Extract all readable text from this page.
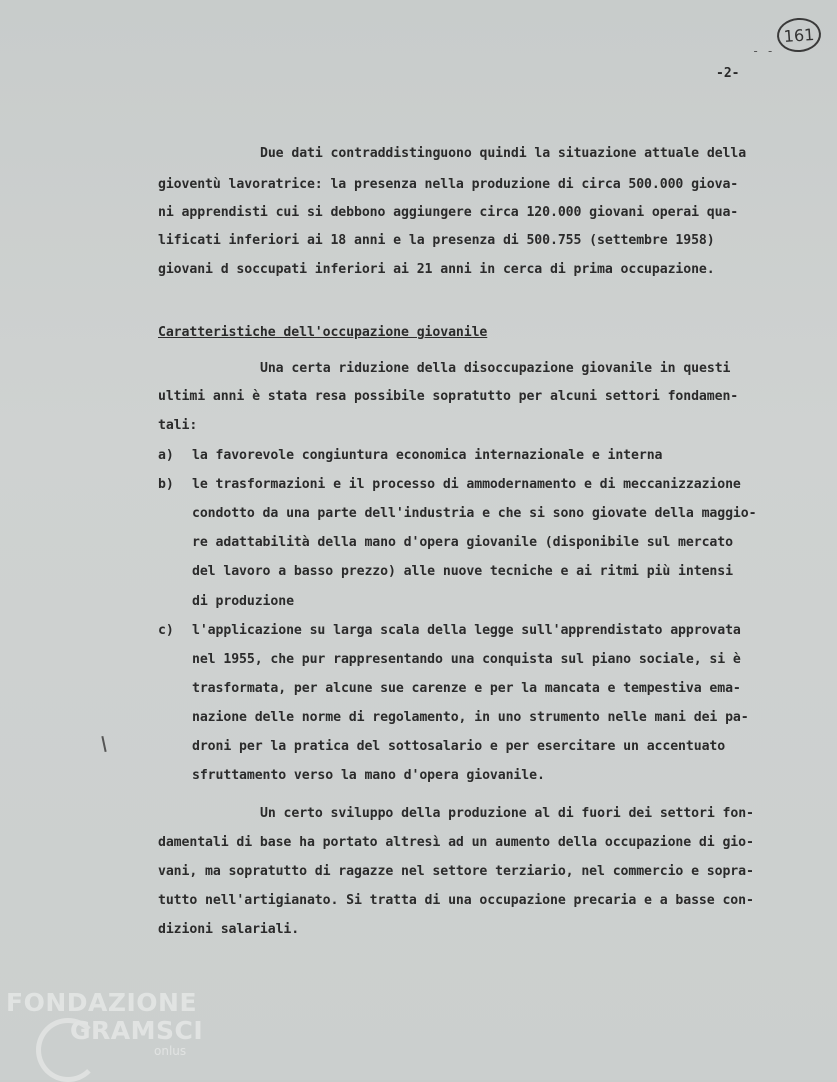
161
‐ ‐
-2-
Due dati contraddistinguono quindi la situazione attuale della
gioventù lavoratrice: la presenza nella produzione di circa 500.000 giova-
ni apprendisti cui si debbono aggiungere circa 120.000 giovani operai qua-
lificati inferiori ai 18 anni e la presenza di 500.755 (settembre 1958)
giovani d soccupati inferiori ai 21 anni in cerca di prima occupazione.
Caratteristiche dell'occupazione giovanile
Una certa riduzione della disoccupazione giovanile in questi
ultimi anni è stata resa possibile sopratutto per alcuni settori fondamen-
tali:
a) la favorevole congiuntura economica internazionale e interna
b) le trasformazioni e il processo di ammodernamento e di meccanizzazione
condotto da una parte dell'industria e che si sono giovate della maggio-
re adattabilità della mano d'opera giovanile (disponibile sul mercato
del lavoro a basso prezzo) alle nuove tecniche e ai ritmi più intensi
di produzione
c) l'applicazione su larga scala della legge sull'apprendistato approvata
nel 1955, che pur rappresentando una conquista sul piano sociale, si è
trasformata, per alcune sue carenze e per la mancata e tempestiva ema-
nazione delle norme di regolamento, in uno strumento nelle mani dei pa-
droni per la pratica del sottosalario e per esercitare un accentuato
sfruttamento verso la mano d'opera giovanile.
Un certo sviluppo della produzione al di fuori dei settori fon-
damentali di base ha portato altresì ad un aumento della occupazione di gio-
vani, ma sopratutto di ragazze nel settore terziario, nel commercio e sopra-
tutto nell'artigianato. Si tratta di una occupazione precaria e a basse con-
dizioni salariali.
FONDAZIONE
GRAMSCI
onlus
